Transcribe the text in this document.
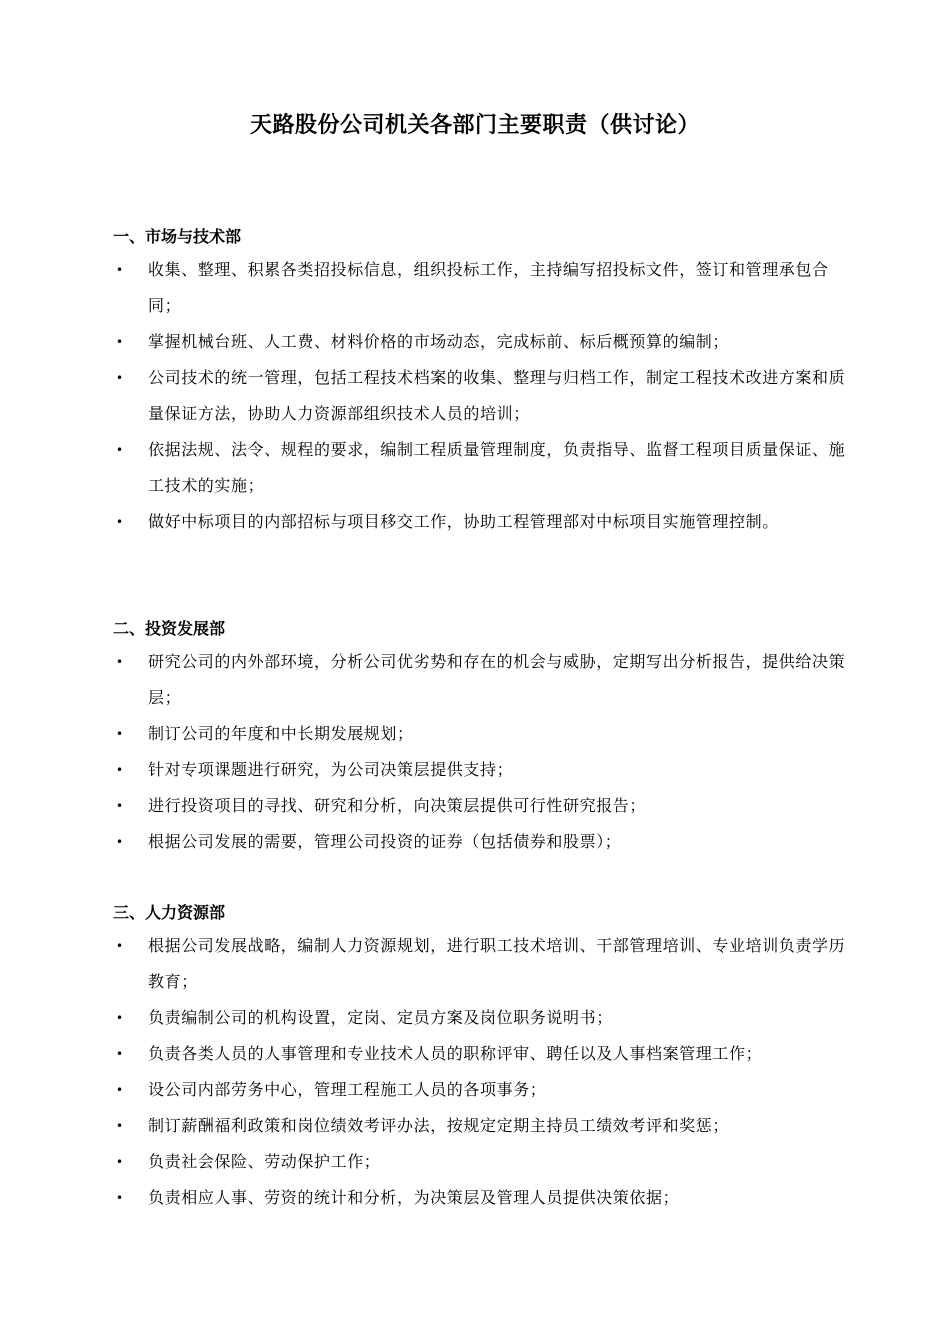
天路股份公司机关各部门主要职责（供讨论）
一、市场与技术部
• 收集、整理、积累各类招投标信息，组织投标工作，主持编写招投标文件，签订和管理承包合同；
• 掌握机械台班、人工费、材料价格的市场动态，完成标前、标后概预算的编制；
• 公司技术的统一管理，包括工程技术档案的收集、整理与归档工作，制定工程技术改进方案和质量保证方法，协助人力资源部组织技术人员的培训；
• 依据法规、法令、规程的要求，编制工程质量管理制度，负责指导、监督工程项目质量保证、施工技术的实施；
• 做好中标项目的内部招标与项目移交工作，协助工程管理部对中标项目实施管理控制。
二、投资发展部
• 研究公司的内外部环境，分析公司优劣势和存在的机会与威胁，定期写出分析报告，提供给决策层；
• 制订公司的年度和中长期发展规划；
• 针对专项课题进行研究，为公司决策层提供支持；
• 进行投资项目的寻找、研究和分析，向决策层提供可行性研究报告；
• 根据公司发展的需要，管理公司投资的证券（包括债券和股票）；
三、人力资源部
• 根据公司发展战略，编制人力资源规划，进行职工技术培训、干部管理培训、专业培训负责学历教育；
• 负责编制公司的机构设置，定岗、定员方案及岗位职务说明书；
• 负责各类人员的人事管理和专业技术人员的职称评审、聘任以及人事档案管理工作；
• 设公司内部劳务中心，管理工程施工人员的各项事务；
• 制订薪酬福利政策和岗位绩效考评办法，按规定定期主持员工绩效考评和奖惩；
• 负责社会保险、劳动保护工作；
• 负责相应人事、劳资的统计和分析，为决策层及管理人员提供决策依据；
